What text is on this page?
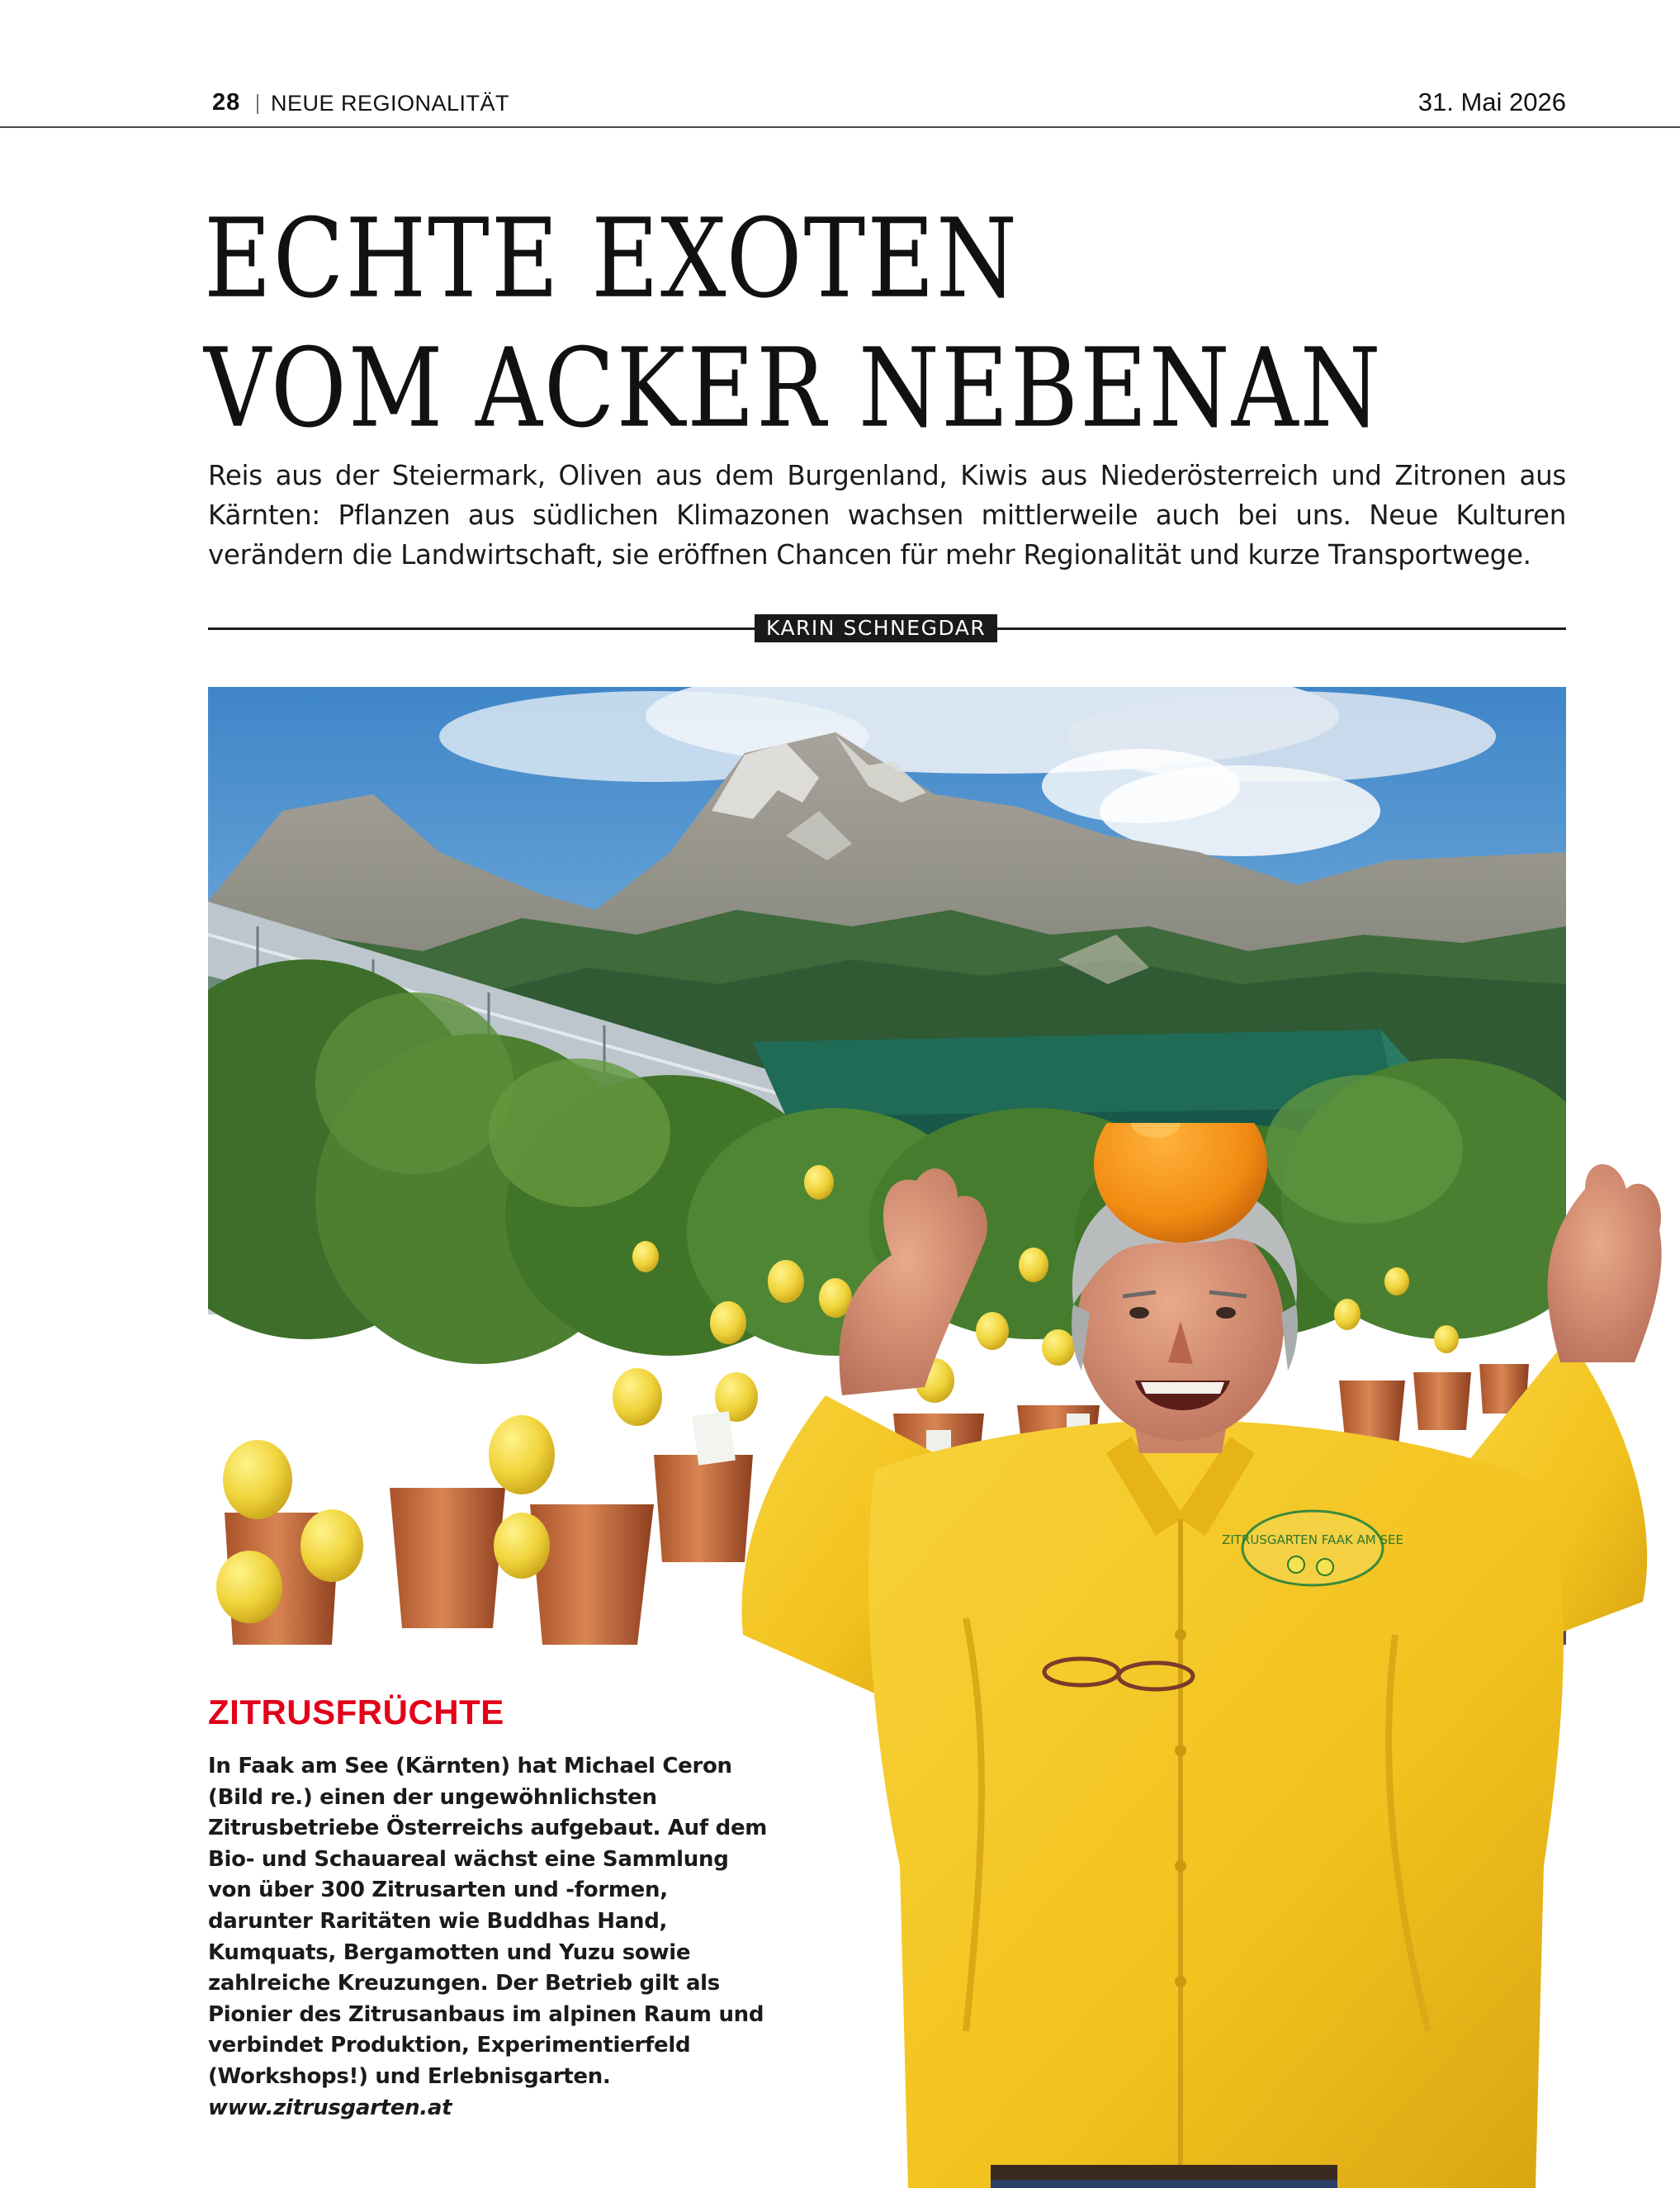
28 NEUE REGIONALITÄT	31. Mai 2026
ECHTE EXOTEN
VOM ACKER NEBENAN

Reis aus der Steiermark, Oliven aus dem Burgenland, Kiwis aus Niederösterreich und Zitronen aus Kärnten: Pflanzen aus südlichen Klimazonen wachsen mittlerweile auch bei uns. Neue Kulturen verändern die Landwirtschaft, sie eröffnen Chancen für mehr Regionalität und kurze Transportwege.

KARIN SCHNEGDAR
ZITRUSGARTEN FAAK AM SEE
ZITRUSFRÜCHTE

In Faak am See (Kärnten) hat Michael Ceron (Bild re.) einen der ungewöhnlichsten Zitrusbetriebe Österreichs aufgebaut. Auf dem Bio- und Schauareal wächst eine Sammlung von über 300 Zitrusarten und -formen, darunter Raritäten wie Buddhas Hand, Kumquats, Bergamotten und Yuzu sowie zahlreiche Kreuzungen. Der Betrieb gilt als Pionier des Zitrusanbaus im alpinen Raum und verbindet Produktion, Experimentierfeld (Workshops!) und Erlebnisgarten. www.zitrusgarten.at
